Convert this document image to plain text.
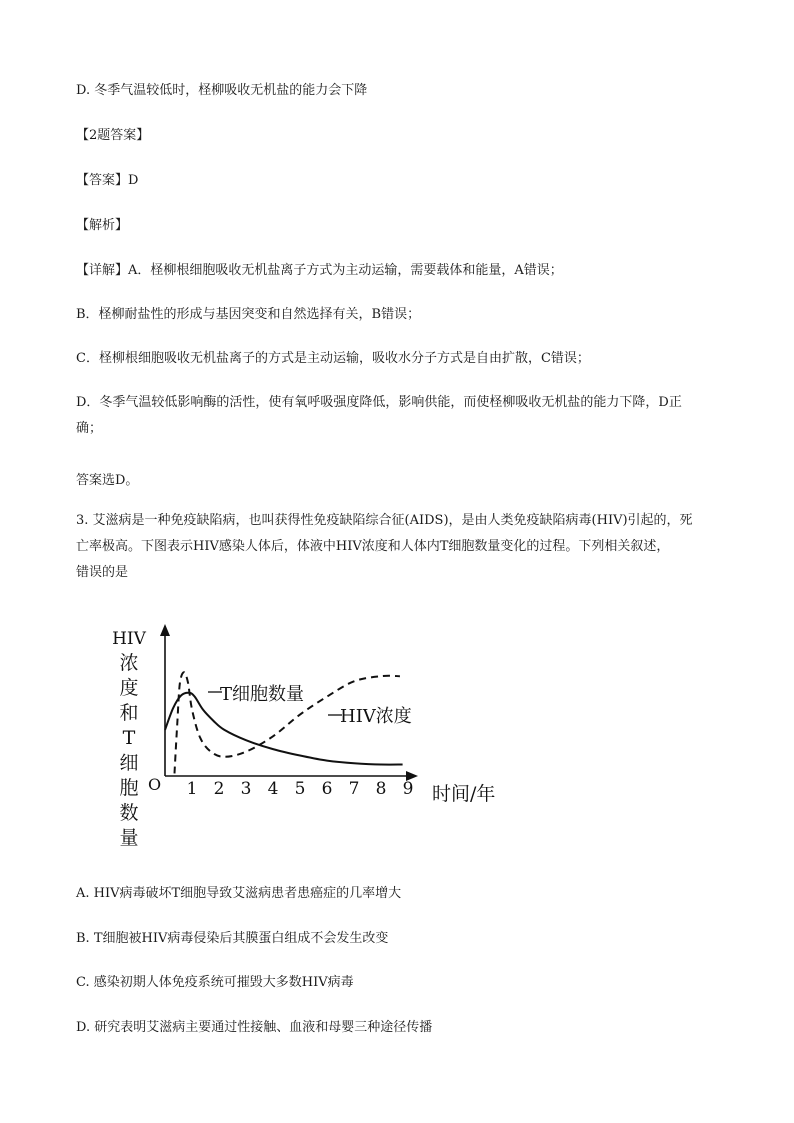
D. 冬季气温较低时，柽柳吸收无机盐的能力会下降
【2题答案】
【答案】D
【解析】
【详解】A．柽柳根细胞吸收无机盐离子方式为主动运输，需要载体和能量，A错误；
B．柽柳耐盐性的形成与基因突变和自然选择有关，B错误；
C．柽柳根细胞吸收无机盐离子的方式是主动运输，吸收水分子方式是自由扩散，C错误；
D．冬季气温较低影响酶的活性，使有氧呼吸强度降低，影响供能，而使柽柳吸收无机盐的能力下降，D正
确；
答案选D。
3. 艾滋病是一种免疫缺陷病，也叫获得性免疫缺陷综合征(AIDS)，是由人类免疫缺陷病毒(HIV)引起的，死
亡率极高。下图表示HIV感染人体后，体液中HIV浓度和人体内T细胞数量变化的过程。下列相关叙述，
错误的是
HIV
浓
度
和
T
细
胞
数
量
O 1 2 3 4 5 6 7 8 9 时间/年
T细胞数量
HIV浓度
A. HIV病毒破坏T细胞导致艾滋病患者患癌症的几率增大
B. T细胞被HIV病毒侵染后其膜蛋白组成不会发生改变
C. 感染初期人体免疫系统可摧毁大多数HIV病毒
D. 研究表明艾滋病主要通过性接触、血液和母婴三种途径传播
